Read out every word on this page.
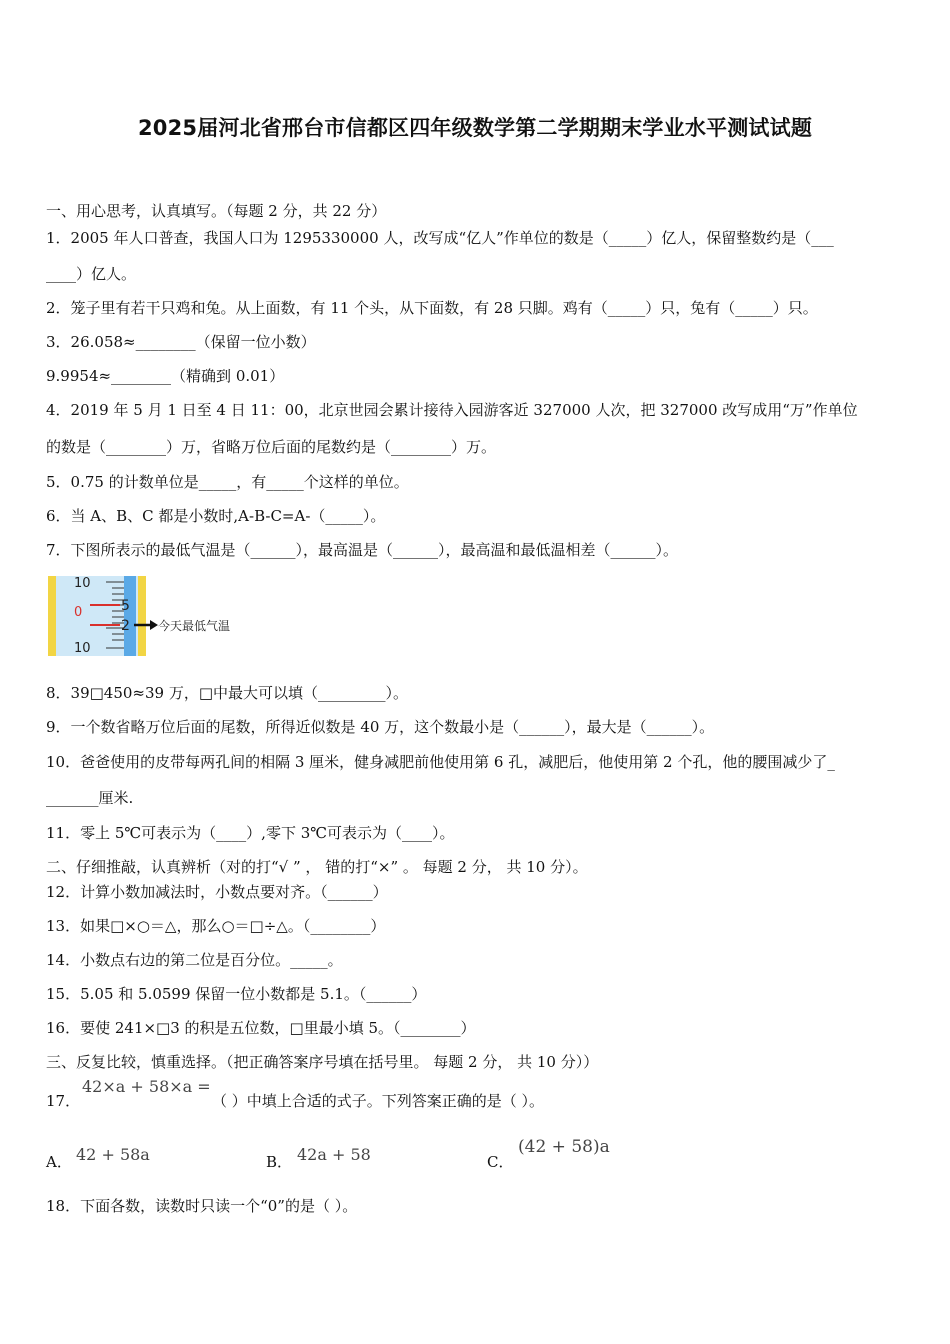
2025届河北省邢台市信都区四年级数学第二学期期末学业水平测试试题
一、用心思考，认真填写。（每题 2 分，共 22 分）
1．2005 年人口普查，我国人口为 1295330000 人，改写成“亿人”作单位的数是（_____）亿人，保留整数约是（___
____）亿人。
2．笼子里有若干只鸡和兔。从上面数，有 11 个头，从下面数，有 28 只脚。鸡有（_____）只，兔有（_____）只。
3．26.058≈________（保留一位小数）
9.9954≈________（精确到 0.01）
4．2019 年 5 月 1 日至 4 日 11：00，北京世园会累计接待入园游客近 327000 人次，把 327000 改写成用“万”作单位
的数是（________）万，省略万位后面的尾数约是（________）万。
5．0.75 的计数单位是_____，有_____个这样的单位。
6．当 A、B、C 都是小数时,A-B-C=A-（_____）。
7．下图所表示的最低气温是（______），最高温是（______），最高温和最低温相差（______）。
10
0
10
5
2 今天最低气温
8．39□450≈39 万，□中最大可以填（_________）。
9．一个数省略万位后面的尾数，所得近似数是 40 万，这个数最小是（______），最大是（______）。
10．爸爸使用的皮带每两孔间的相隔 3 厘米，健身减肥前他使用第 6 孔，减肥后，他使用第 2 个孔，他的腰围减少了_
_______厘米.
11．零上 5℃可表示为（____）,零下 3℃可表示为（____）。
二、仔细推敲，认真辨析（对的打“√ ” ， 错的打“×” 。 每题 2 分， 共 10 分）。
12．计算小数加减法时，小数点要对齐。（______）
13．如果□×○＝△，那么○＝□÷△。（________）
14．小数点右边的第二位是百分位。_____。
15．5.05 和 5.0599 保留一位小数都是 5.1。（______）
16．要使 241×□3 的积是五位数，□里最小填 5。（________）
三、反复比较，慎重选择。（把正确答案序号填在括号里。 每题 2 分， 共 10 分））
17．
42×a + 58×a =
（ ）中填上合适的式子。下列答案正确的是（ ）。
A． 42 + 58a	B． 42a + 58	C．
(42 + 58)a
18．下面各数，读数时只读一个“0”的是（ ）。
